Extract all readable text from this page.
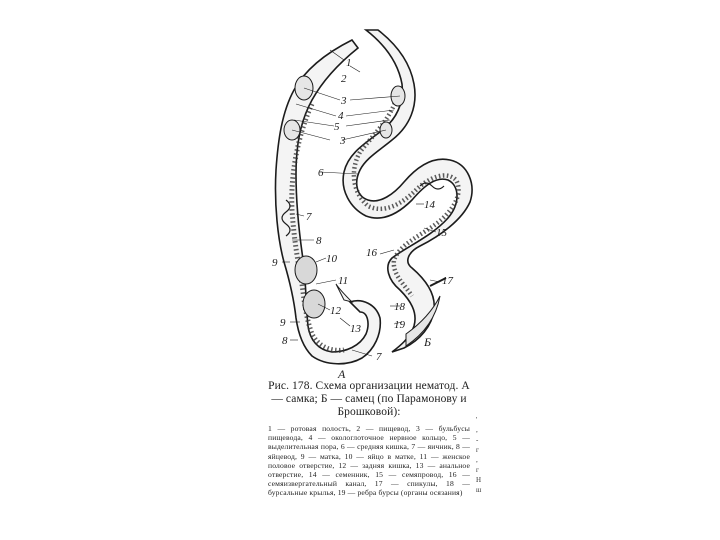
1
2
3
4
5
3
6
7
8
9	10
11
12
13
9
8
7
14
15
16
17
18
19
А
Б

Рис. 178. Схема организации нематод. А — самка; Б — самец (по Парамонову и Брошковой):

1 — ротовая полость, 2 — пищевод, 3 — бульбусы пищевода, 4 — окологлоточное нервное кольцо, 5 — выделительная пора, 6 — средняя кишка, 7 — яичник, 8 — яйцевод, 9 — матка, 10 — яйцо в матке, 11 — женское половое отверстие, 12 — задняя кишка, 13 — анальное отверстие, 14 — семенник, 15 — семяпровод, 16 — семяизвергательный канал, 17 — спикулы, 18 — бурсальные крылья, 19 — ребра бурсы (органы осязания)

'
,
-
г
,
г
Н
ш
